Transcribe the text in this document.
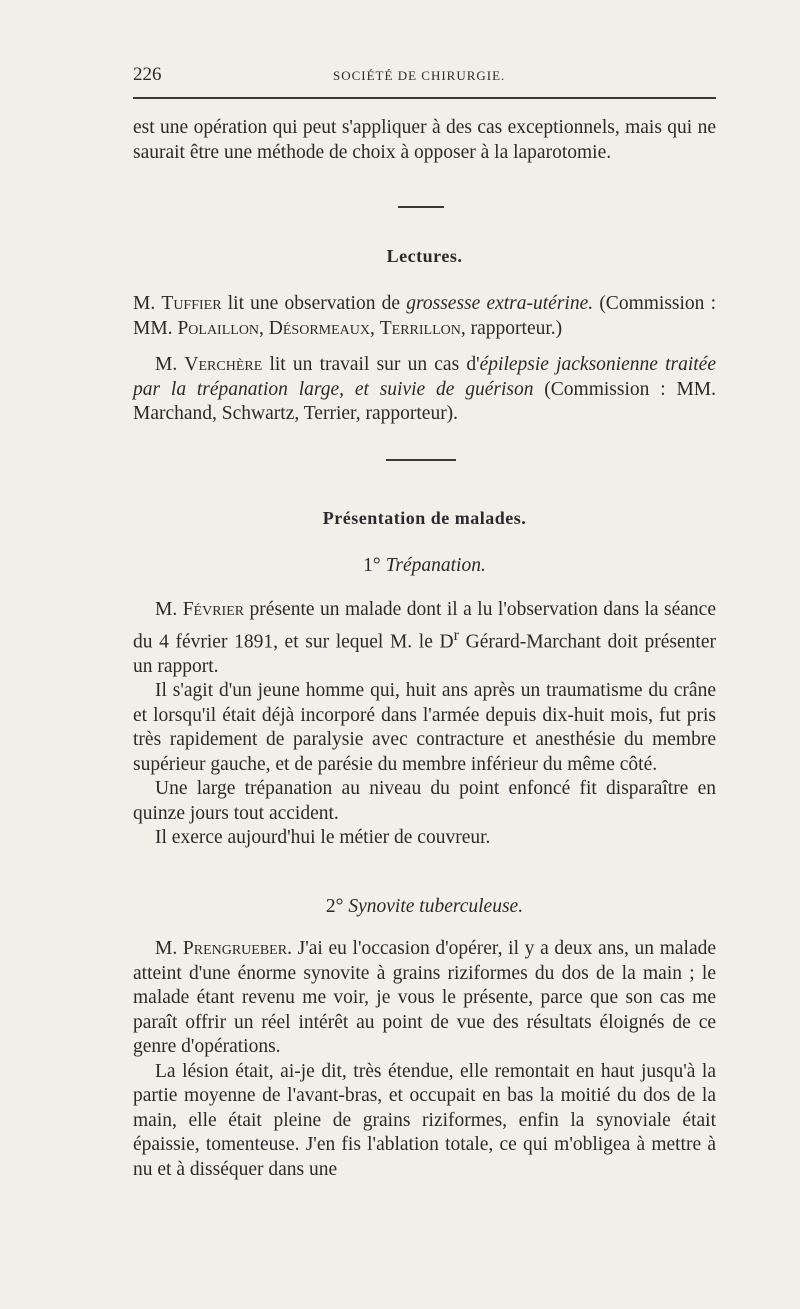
226	SOCIÉTÉ DE CHIRURGIE.

est une opération qui peut s'appliquer à des cas exceptionnels, mais qui ne saurait être une méthode de choix à opposer à la laparotomie.

Lectures.

M. Tuffier lit une observation de grossesse extra-utérine. (Commission : MM. Polaillon, Désormeaux, Terrillon, rapporteur.)

M. Verchère lit un travail sur un cas d'épilepsie jacksonienne traitée par la trépanation large, et suivie de guérison (Commission : MM. Marchand, Schwartz, Terrier, rapporteur).

Présentation de malades.
1° Trépanation.

M. Février présente un malade dont il a lu l'observation dans la séance du 4 février 1891, et sur lequel M. le $D^r$ Gérard-Marchant doit présenter un rapport.

Il s'agit d'un jeune homme qui, huit ans après un traumatisme du crâne et lorsqu'il était déjà incorporé dans l'armée depuis dix-huit mois, fut pris très rapidement de paralysie avec contracture et anesthésie du membre supérieur gauche, et de parésie du membre inférieur du même côté.

Une large trépanation au niveau du point enfoncé fit disparaître en quinze jours tout accident.

Il exerce aujourd'hui le métier de couvreur.

2° Synovite tuberculeuse.

M. Prengrueber. J'ai eu l'occasion d'opérer, il y a deux ans, un malade atteint d'une énorme synovite à grains riziformes du dos de la main ; le malade étant revenu me voir, je vous le présente, parce que son cas me paraît offrir un réel intérêt au point de vue des résultats éloignés de ce genre d'opérations.

La lésion était, ai-je dit, très étendue, elle remontait en haut jusqu'à la partie moyenne de l'avant-bras, et occupait en bas la moitié du dos de la main, elle était pleine de grains riziformes, enfin la synoviale était épaissie, tomenteuse. J'en fis l'ablation totale, ce qui m'obligea à mettre à nu et à disséquer dans une
